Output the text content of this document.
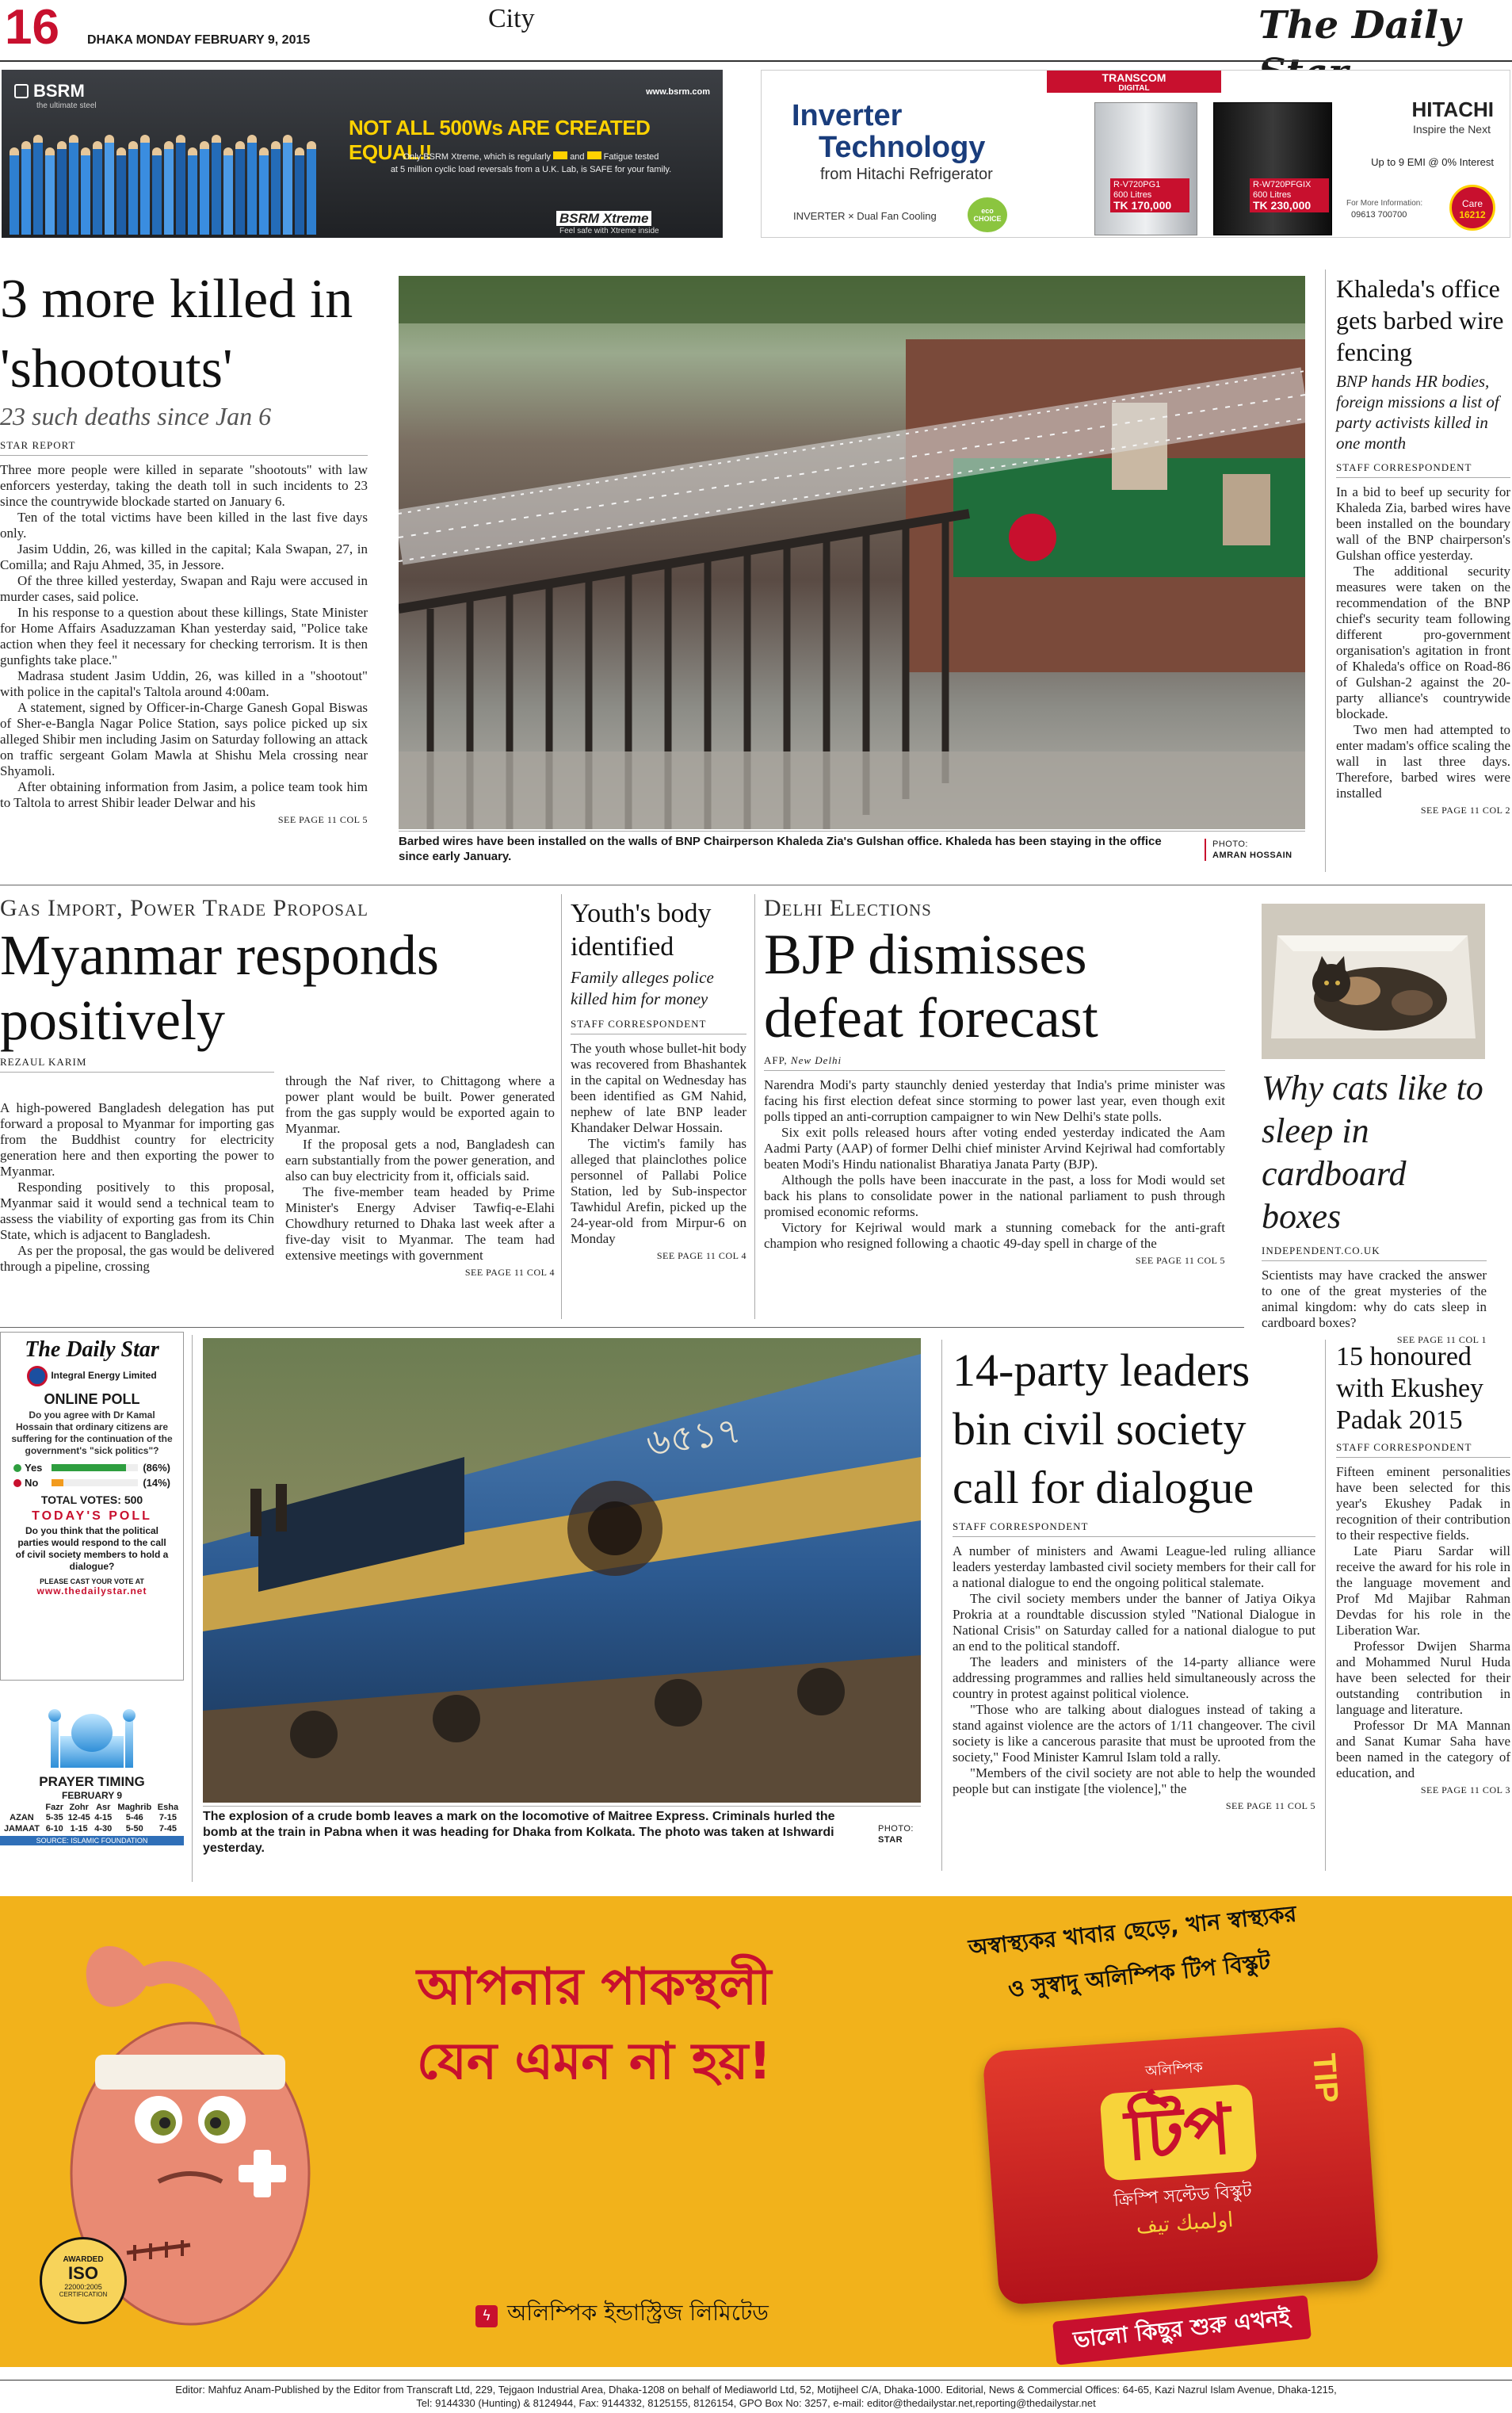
16 DHAKA MONDAY FEBRUARY 9, 2015
City	The Daily
BSRM
the ultimate steel
www.bsrm.com
NOT ALL 500Ws ARE CREATED EQUAL!!
Only BSRM Xtreme, which is regularly and Fatigue tested
at 5 million cyclic load reversals from a U.K. Lab, is SAFE for your family.
BSRM Xtreme
Feel safe with Xtreme inside
TRANSCOM
DIGITAL
Inverter
Technology
from Hitachi Refrigerator
INVERTER × Dual Fan Cooling	eco CHOICE
R-V720PG1
600 Litres
TK 170,000
R-W720PFGIX
600 Litres
TK 230,000
HITACHI
Inspire the Next
Up to 9 EMI @ 0% Interest
For More Information:
09613 700700
Care
16212
3 more killed in 'shootouts'
23 such deaths since Jan 6
STAR REPORT

Three more people were killed in separate "shootouts" with law enforcers yesterday, taking the death toll in such incidents to 23 since the countrywide blockade started on January 6.

Ten of the total victims have been killed in the last five days only.

Jasim Uddin, 26, was killed in the capital; Kala Swapan, 27, in Comilla; and Raju Ahmed, 35, in Jessore.

Of the three killed yesterday, Swapan and Raju were accused in murder cases, said police.

In his response to a question about these killings, State Minister for Home Affairs Asaduzzaman Khan yesterday said, "Police take action when they feel it necessary for checking terrorism. It is then gunfights take place."

Madrasa student Jasim Uddin, 26, was killed in a "shootout" with police in the capital's Taltola around 4:00am.

A statement, signed by Officer-in-Charge Ganesh Gopal Biswas of Sher-e-Bangla Nagar Police Station, says police picked up six alleged Shibir men including Jasim on Saturday following an attack on traffic sergeant Golam Mawla at Shishu Mela crossing near Shyamoli.

After obtaining information from Jasim, a police team took him to Taltola to arrest Shibir leader Delwar and his

SEE PAGE 11 COL 5
Barbed wires have been installed on the walls of BNP Chairperson Khaleda Zia's Gulshan office. Khaleda has been staying in the office since early January.
PHOTO:
AMRAN HOSSAIN
Khaleda's office gets barbed wire fencing
BNP hands HR bodies, foreign missions a list of party activists killed in one month
STAFF CORRESPONDENT

In a bid to beef up security for Khaleda Zia, barbed wires have been installed on the boundary wall of the BNP chairperson's Gulshan office yesterday.

The additional security measures were taken on the recommendation of the BNP chief's security team following different pro-government organisation's agitation in front of Khaleda's office on Road-86 of Gulshan-2 against the 20-party alliance's countrywide blockade.

Two men had attempted to enter madam's office scaling the wall in last three days. Therefore, barbed wires were installed

SEE PAGE 11 COL 2
Gas Import, Power Trade Proposal
Myanmar responds positively
REZAUL KARIM

A high-powered Bangladesh delegation has put forward a proposal to Myanmar for importing gas from the Buddhist country for electricity generation here and then exporting the power to Myanmar.

Responding positively to this proposal, Myanmar said it would send a technical team to assess the viability of exporting gas from its Chin State, which is adjacent to Bangladesh.

As per the proposal, the gas would be delivered through a pipeline, crossing

through the Naf river, to Chittagong where a power plant would be built. Power generated from the gas supply would be exported again to Myanmar.

If the proposal gets a nod, Bangladesh can earn substantially from the power generation, and also can buy electricity from it, officials said.

The five-member team headed by Prime Minister's Energy Adviser Tawfiq-e-Elahi Chowdhury returned to Dhaka last week after a five-day visit to Myanmar. The team had extensive meetings with government

SEE PAGE 11 COL 4
Youth's body identified
Family alleges police killed him for money
STAFF CORRESPONDENT

The youth whose bullet-hit body was recovered from Bhashantek in the capital on Wednesday has been identified as GM Nahid, nephew of late BNP leader Khandaker Delwar Hossain.

The victim's family has alleged that plainclothes police personnel of Pallabi Police Station, led by Sub-inspector Tawhidul Arefin, picked up the 24-year-old from Mirpur-6 on Monday

SEE PAGE 11 COL 4
Delhi Elections
BJP dismisses defeat forecast
AFP, New Delhi

Narendra Modi's party staunchly denied yesterday that India's prime minister was facing his first election defeat since storming to power last year, even though exit polls tipped an anti-corruption campaigner to win New Delhi's state polls.

Six exit polls released hours after voting ended yesterday indicated the Aam Aadmi Party (AAP) of former Delhi chief minister Arvind Kejriwal had comfortably beaten Modi's Hindu nationalist Bharatiya Janata Party (BJP).

Although the polls have been inaccurate in the past, a loss for Modi would set back his plans to consolidate power in the national parliament to push through promised economic reforms.

Victory for Kejriwal would mark a stunning comeback for the anti-graft champion who resigned following a chaotic 49-day spell in charge of the

SEE PAGE 11 COL 5
Why cats like to sleep in cardboard boxes
INDEPENDENT.CO.UK

Scientists may have cracked the answer to one of the great mysteries of the animal kingdom: why do cats sleep in cardboard boxes?

SEE PAGE 11 COL 1
The Daily Star
Integral Energy Limited
ONLINE POLL
Do you agree with Dr Kamal Hossain that ordinary citizens are suffering for the continuation of the government's "sick politics"?
Yes	(86%)
No	(14%)
TOTAL VOTES: 500
TODAY'S POLL
Do you think that the political parties would respond to the call of civil society members to hold a dialogue?
PLEASE CAST YOUR VOTE AT
www.thedailystar.net
PRAYER TIMING
FEBRUARY 9
	Fazr	Zohr	Asr	Maghrib	Esha
AZAN	5-35	12-45	4-15	5-46	7-15
JAMAAT	6-10	1-15	4-30	5-50	7-45
SOURCE: ISLAMIC FOUNDATION
৬৫১৭
The explosion of a crude bomb leaves a mark on the locomotive of Maitree Express. Criminals hurled the bomb at the train in Pabna when it was heading for Dhaka from Kolkata. The photo was taken at Ishwardi yesterday.
PHOTO:
STAR
14-party leaders bin civil society call for dialogue
STAFF CORRESPONDENT

A number of ministers and Awami League-led ruling alliance leaders yesterday lambasted civil society members for their call for a national dialogue to end the ongoing political stalemate.

The civil society members under the banner of Jatiya Oikya Prokria at a roundtable discussion styled "National Dialogue in National Crisis" on Saturday called for a national dialogue to put an end to the political standoff.

The leaders and ministers of the 14-party alliance were addressing programmes and rallies held simultaneously across the country in protest against political violence.

"Those who are talking about dialogues instead of taking a stand against violence are the actors of 1/11 changeover. The civil society is like a cancerous parasite that must be uprooted from the society," Food Minister Kamrul Islam told a rally.

"Members of the civil society are not able to help the wounded people but can instigate [the violence]," the

SEE PAGE 11 COL 5
15 honoured with Ekushey Padak 2015
STAFF CORRESPONDENT

Fifteen eminent personalities have been selected for this year's Ekushey Padak in recognition of their contribution to their respective fields.

Late Piaru Sardar will receive the award for his role in the language movement and Prof Md Majibar Rahman Devdas for his role in the Liberation War.

Professor Dwijen Sharma and Mohammed Nurul Huda have been selected for their outstanding contribution in language and literature.

Professor Dr MA Mannan and Sanat Kumar Saha have been named in the category of education, and

SEE PAGE 11 COL 3
AWARDED
ISO
22000:2005
CERTIFICATION
আপনার পাকস্থলী
যেন এমন না হয়!
ϟ অলিম্পিক ইন্ডাস্ট্রিজ লিমিটেড
অস্বাস্থ্যকর খাবার ছেড়ে, খান স্বাস্থ্যকর
ও সুস্বাদু অলিম্পিক টিপ বিস্কুট
অলিম্পিক
টিপ
ক্রিস্পি সল্টেড বিস্কুট
اولمبك تيف
TIP
ভালো কিছুর শুরু এখনই
Editor: Mahfuz Anam-Published by the Editor from Transcraft Ltd, 229, Tejgaon Industrial Area, Dhaka-1208 on behalf of Mediaworld Ltd, 52, Motijheel C/A, Dhaka-1000. Editorial, News & Commercial Offices: 64-65, Kazi Nazrul Islam Avenue, Dhaka-1215,
Tel: 9144330 (Hunting) & 8124944, Fax: 9144332, 8125155, 8126154, GPO Box No: 3257, e-mail: editor@thedailystar.net,reporting@thedailystar.net
